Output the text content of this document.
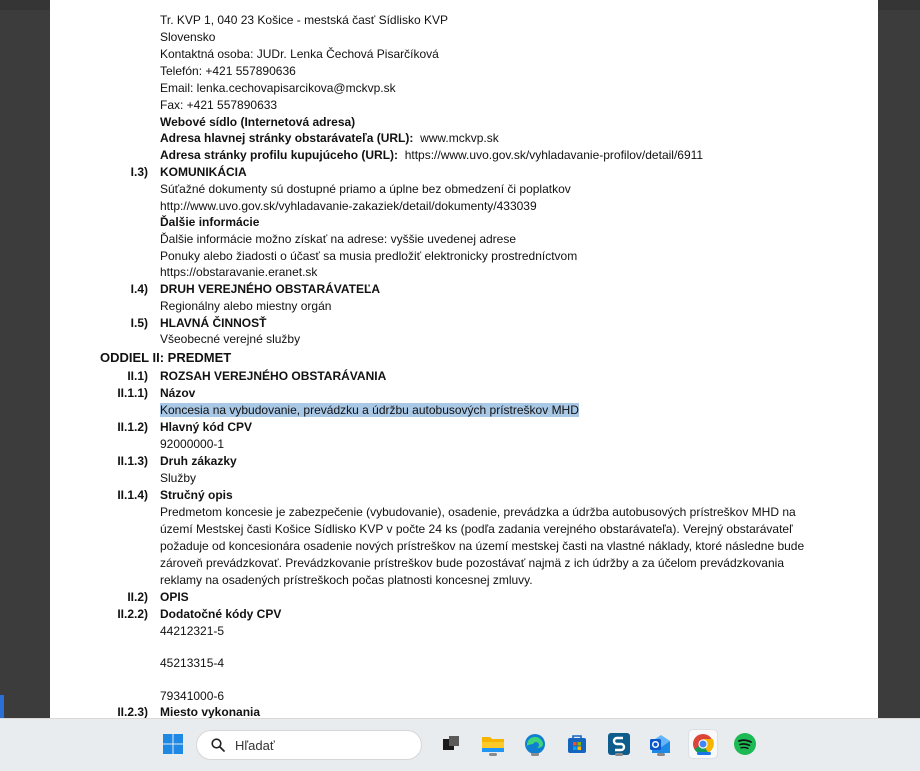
Tr. KVP 1, 040 23 Košice - mestská časť Sídlisko KVP
Slovensko
Kontaktná osoba: JUDr. Lenka Čechová Pisarčíková
Telefón: +421 557890636
Email: lenka.cechovapisarcikova@mckvp.sk
Fax: +421 557890633
Webové sídlo (Internetová adresa)
Adresa hlavnej stránky obstarávateľa (URL): www.mckvp.sk
Adresa stránky profilu kupujúceho (URL): https://www.uvo.gov.sk/vyhladavanie-profilov/detail/6911
I.3) KOMUNIKÁCIA
Súťažné dokumenty sú dostupné priamo a úplne bez obmedzení či poplatkov
http://www.uvo.gov.sk/vyhladavanie-zakaziek/detail/dokumenty/433039
Ďalšie informácie
Ďalšie informácie možno získať na adrese: vyššie uvedenej adrese
Ponuky alebo žiadosti o účasť sa musia predložiť elektronicky prostredníctvom
https://obstaravanie.eranet.sk
I.4) DRUH VEREJNÉHO OBSTARÁVATEĽA
Regionálny alebo miestny orgán
I.5) HLAVNÁ ČINNOSŤ
Všeobecné verejné služby
ODDIEL II: PREDMET
II.1) ROZSAH VEREJNÉHO OBSTARÁVANIA
II.1.1) Názov
Koncesia na vybudovanie, prevádzku a údržbu autobusových prístreškov MHD
II.1.2) Hlavný kód CPV
92000000-1
II.1.3) Druh zákazky
Služby
II.1.4) Stručný opis
Predmetom koncesie je zabezpečenie (vybudovanie), osadenie, prevádzka a údržba autobusových prístreškov MHD na
území Mestskej časti Košice Sídlisko KVP v počte 24 ks (podľa zadania verejného obstarávateľa). Verejný obstarávateľ
požaduje od koncesionára osadenie nových prístreškov na území mestskej časti na vlastné náklady, ktoré následne bude
zároveň prevádzkovať. Prevádzkovanie prístreškov bude pozostávať najmä z ich údržby a za účelom prevádzkovania
reklamy na osadených prístreškoch počas platnosti koncesnej zmluvy.
II.2) OPIS
II.2.2) Dodatočné kódy CPV
44212321-5
45213315-4
79341000-6
II.2.3) Miesto vykonania
Hľadať
